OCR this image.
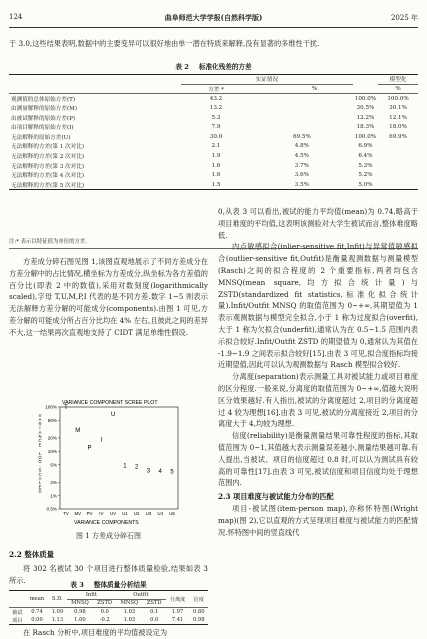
124	曲阜师范大学学报(自然科学版)	2025 年
于 3.0,这些结果表明,数据中的主要变异可以很好地由单一潜在特质来解释,没有显著的多维性干扰.
表 2 标准化残差的方差
	实证情况			模型化
	方差 *	%		%
观测值的总体原始方差(T)	43.2		100.0%	100.0%
由测量解释的原始方差(M)	13.2		30.5%	30.1%
由被试解释的原始方差(P)	5.3		12.2%	12.1%
由项目解释的原始方差(I)	7.9		18.3%	18.0%
无法解释的原始方差(U)	30.0	69.5%	100.0%	69.9%
无法解释的方差(第 1 次对比)	2.1	4.8%	6.9%	
无法解释的方差(第 2 次对比)	1.9	4.5%	6.4%	
无法解释的方差(第 3 次对比)	1.6	3.7%	5.3%	
无法解释的方差(第 4 次对比)	1.6	3.6%	5.2%	
无法解释的方差(第 5 次对比)	1.5	3.5%	5.0%	
注:* 表示以特征值为单位的方差.
方差成分碎石图见图 1,该图直观地展示了不同方差成分在方差分解中的占比情况,横坐标为方差成分,纵坐标为各方差值的百分比(即表 2 中的数值),采用对数刻度(logarithmically scaled),字母 T,U,M,P,I 代表的是不同方差.数字 1~5 则表示无法解释方差分解的可能成分(components).由图 1 可见,方差分解的可能成分所占百分比均在 4% 左右,且彼此之间的差异不大,这一结果再次直观地支持了 CIDT 满足单维性假设.
VARIANCE COMPONENT SCREE PLOT
VARIANCE COMPONENTS
100%
50%
20%
10%
5%
2%
1%
0.5%
TV MV PV IV UV U1 U2 U3 U4 U5
V
A
R
I
A
N
C
E
L
O
G
-
S
C
A
L
E
D
T
M
P
I
U
1 2
3 4 5
图 1 方差成分碎石图
2.2 整体质量
将 302 名被试 30 个项目进行整体质量检验,结果如表 3 所示.
表 3 整体质量分析结果
	mean	S.D.	Infit		Outfit		分离度	信度
			MNSQ	ZSTD	MNSQ	ZSTD		
被试	0.74	1.09	0.98	0.0	1.03	0.1	1.97	0.80
项目	0.00	1.13	1.00	-0.2	1.03	0.0	7.41	0.98
在 Rasch 分析中,项目难度的平均值被设定为
0,从表 3 可以看出,被试的能力平均值(mean)为 0.74,略高于项目难度的平均值,这表明该测验对大学生被试而言,整体难度略低.
内点敏感拟合(inlier-sensitive fit,Infit)与异常值敏感拟合(outlier-sensitive fit,Outfit)是衡量观测数据与测量模型(Rasch)之间的拟合程度的 2 个重要指标,两者均包含 MNSQ(mean square,均方拟合统计量)与 ZSTD(standardized fit statistics,标准化拟合统计量).Infit/Outfit MNSQ 的取值范围为 0~+∞,其期望值为 1 表示观测数据与模型完全拟合,小于 1 称为过度拟合(overfit),大于 1 称为欠拟合(underfit),通常认为在 0.5~1.5 范围内表示拟合较好.Infit/Outfit ZSTD 的期望值为 0,通常认为其值在 -1.9~1.9 之间表示拟合较好[15].由表 3 可见,拟合度指标均接近期望值,因此可以认为观测数据与 Rasch 模型拟合较好.
分离度(separation)表示测量工具对被试能力或项目难度的区分程度.一般来说,分离度的取值范围为 0~+∞,值越大说明区分效果越好.有人指出,被试的分离度超过 2,项目的分离度超过 4 较为理想[16].由表 3 可见,被试的分离度接近 2,项目的分离度大于 4,均较为理想.
信度(reliability)是衡量测量结果可靠性程度的指标,其取值范围为 0~1,其值越大表示测量误差越小,测量结果越可靠.有人提出,当被试、项目的信度超过 0.8 时,可以认为测试具有较高的可靠性[17].由表 3 可见,被试信度和项目信度均处于理想范围内.
2.3 项目难度与被试能力分布的匹配
项目-被试图(item-person map),亦称怀特图(Wright map)(图 2),它以直观的方式呈现项目难度与被试能力的匹配情况.怀特图中间的竖直线代
